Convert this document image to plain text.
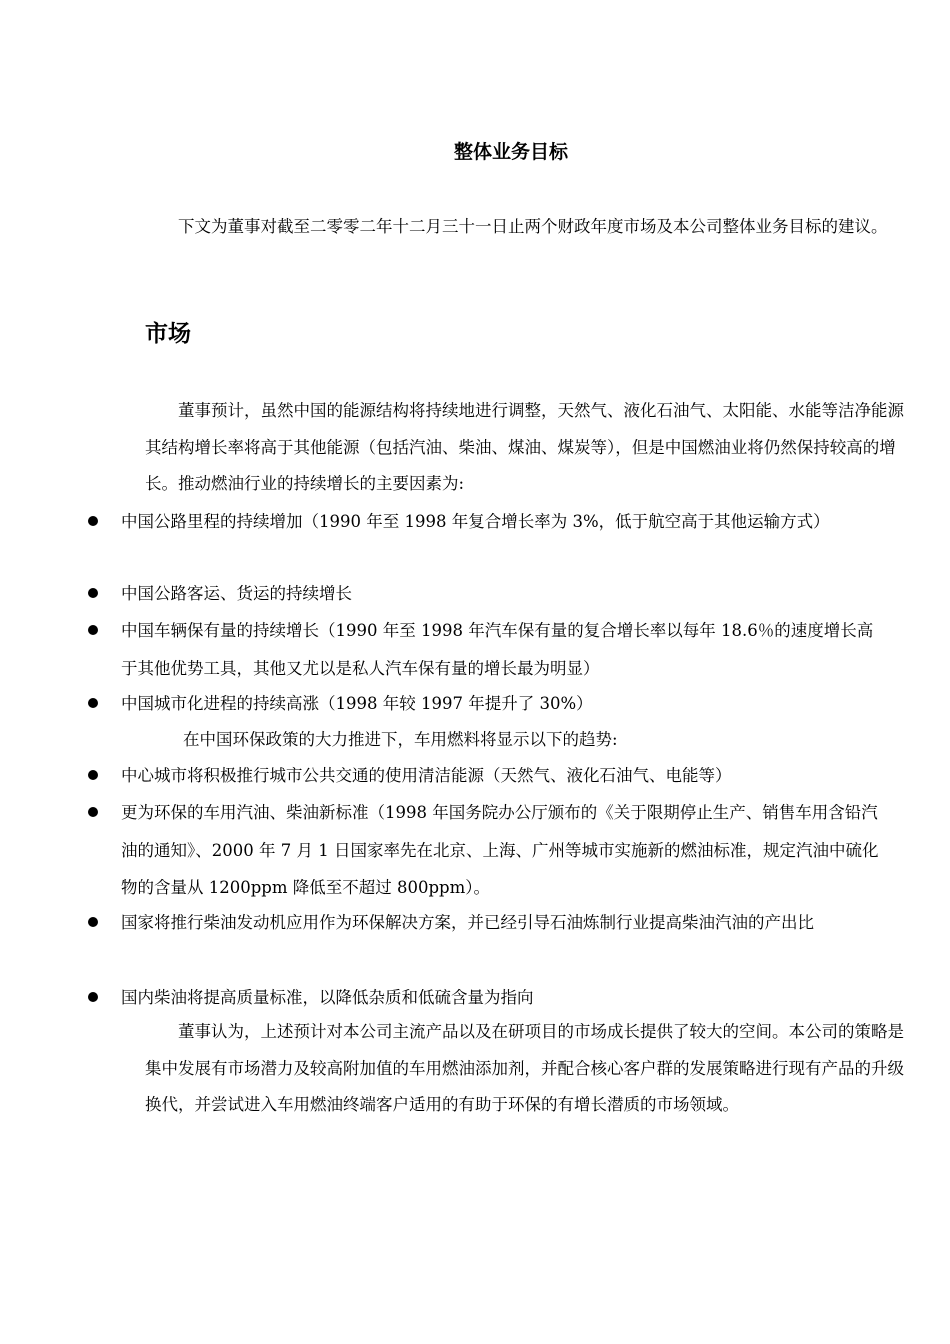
整体业务目标
下文为董事对截至二零零二年十二月三十一日止两个财政年度市场及本公司整体业务目标的建议。
市场
董事预计，虽然中国的能源结构将持续地进行调整，天然气、液化石油气、太阳能、水能等洁净能源其结构增长率将高于其他能源（包括汽油、柴油、煤油、煤炭等），但是中国燃油业将仍然保持较高的增长。推动燃油行业的持续增长的主要因素为:
中国公路里程的持续增加（1990 年至 1998 年复合增长率为 3%，低于航空高于其他运输方式）
中国公路客运、货运的持续增长
中国车辆保有量的持续增长（1990 年至 1998 年汽车保有量的复合增长率以每年 18.6％的速度增长高于其他优势工具，其他又尤以是私人汽车保有量的增长最为明显）
中国城市化进程的持续高涨（1998 年较 1997 年提升了 30%）
在中国环保政策的大力推进下，车用燃料将显示以下的趋势:
中心城市将积极推行城市公共交通的使用清洁能源（天然气、液化石油气、电能等）
更为环保的车用汽油、柴油新标准（1998 年国务院办公厅颁布的《关于限期停止生产、销售车用含铅汽油的通知》、2000 年 7 月 1 日国家率先在北京、上海、广州等城市实施新的燃油标准，规定汽油中硫化物的含量从 1200ppm 降低至不超过 800ppm）。
国家将推行柴油发动机应用作为环保解决方案，并已经引导石油炼制行业提高柴油汽油的产出比
国内柴油将提高质量标准，以降低杂质和低硫含量为指向
董事认为，上述预计对本公司主流产品以及在研项目的市场成长提供了较大的空间。本公司的策略是集中发展有市场潜力及较高附加值的车用燃油添加剂，并配合核心客户群的发展策略进行现有产品的升级换代，并尝试进入车用燃油终端客户适用的有助于环保的有增长潜质的市场领域。
